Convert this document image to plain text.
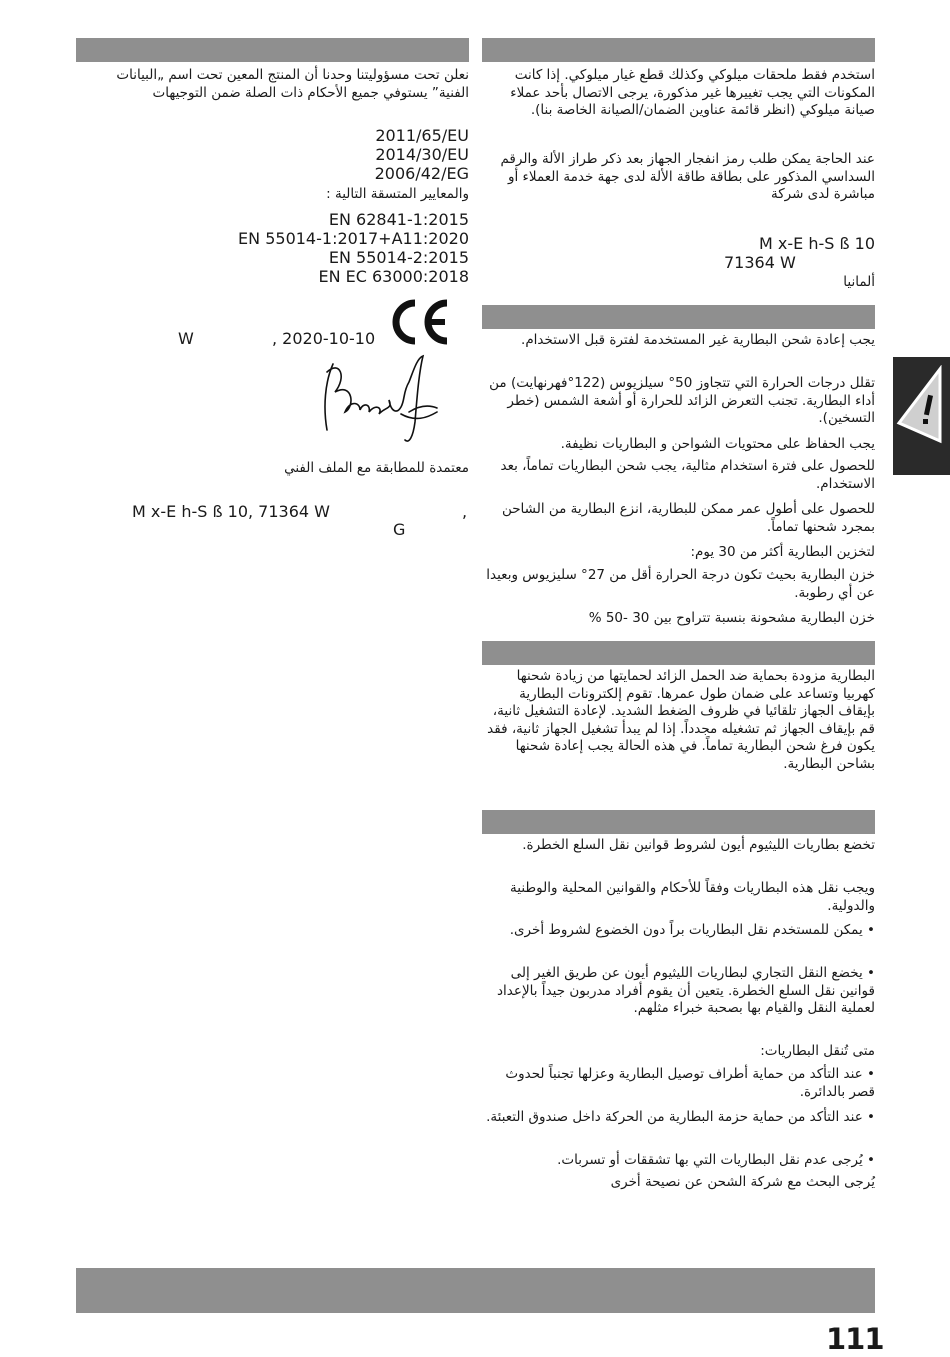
استخدم فقط ملحقات ميلوكي وكذلك قطع غيار ميلوكي. إذا كانت المكونات التي يجب تغييرها غير مذكورة، يرجى الاتصال بأحد عملاء صيانة ميلوكي (انظر قائمة عناوين الضمان/الصيانة الخاصة بنا).

عند الحاجة يمكن طلب رمز انفجار الجهاز بعد ذكر طراز الألة والرقم السداسي المذكور على بطاقة طاقة الألة لدى جهة خدمة العملاء أو مباشرة لدى شركة

M x-E h-S ß 10

71364 W

ألمانيا

يجب إعادة شحن البطارية غير المستخدمة لفترة قبل الاستخدام.

تقلل درجات الحرارة التي تتجاوز 50° سيلزيوس (122°فهرنهايت) من أداء البطارية. تجنب التعرض الزائد للحرارة أو أشعة الشمس (خطر التسخين).

يجب الحفاظ على محتويات الشواحن و البطاريات نظيفة.

للحصول على فترة استخدام مثالية، يجب شحن البطاريات تماماً، بعد الاستخدام.

للحصول على أطول عمر ممكن للبطارية، انزع البطارية من الشاحن بمجرد شحنها تماماً.

لتخزين البطارية أكثر من 30 يوم:

خزن البطارية بحيث تكون درجة الحرارة أقل من 27° سليزيوس وبعيدا عن أي رطوبة.

خزن البطارية مشحونة بنسبة تتراوح بين 30 -50 %

البطارية مزودة بحماية ضد الحمل الزائد لحمايتها من زيادة شحنها كهربيا وتساعد على ضمان طول عمرها. تقوم إلكترونات البطارية بإيقاف الجهاز تلقائيا في ظروف الضغط الشديد. لإعادة التشغيل ثانية، قم بإيقاف الجهاز ثم تشغيله مجدداً. إذا لم يبدأ تشغيل الجهاز ثانية، فقد يكون فرغ شحن البطارية تماماً. في هذه الحالة يجب إعادة شحنها بشاحن البطارية.

تخضع بطاريات الليثيوم أيون لشروط قوانين نقل السلع الخطرة.

ويجب نقل هذه البطاريات وفقاً للأحكام والقوانين المحلية والوطنية والدولية.

• يمكن للمستخدم نقل البطاريات براً دون الخضوع لشروط أخرى.

• يخضع النقل التجاري لبطاريات الليثيوم أيون عن طريق الغير إلى قوانين نقل السلع الخطرة. يتعين أن يقوم أفراد مدربون جيداً بالإعداد لعملية النقل والقيام بها بصحبة خبراء مثلهم.

متى تُنقل البطاريات:

• عند التأكد من حماية أطراف توصيل البطارية وعزلها تجنباً لحدوث قصر بالدائرة.

• عند التأكد من حماية حزمة البطارية من الحركة داخل صندوق التعبئة.

• يُرجى عدم نقل البطاريات التي بها تشققات أو تسربات.

يُرجى البحث مع شركة الشحن عن نصيحة أخرى

نعلن تحت مسؤوليتنا وحدنا أن المنتج المعين تحت اسم „البيانات الفنية” يستوفي جميع الأحكام ذات الصلة ضمن التوجيهات

2011/65/EU

2014/30/EU

2006/42/EG

والمعايير المتسقة التالية :

EN 62841-1:2015

EN 55014-1:2017+A11:2020

EN 55014-2:2015

EN EC 63000:2018

W	, 2020-10-10

معتمدة للمطابقة مع الملف الفني

M x-E h-S ß 10, 71364 W	,

G

111
